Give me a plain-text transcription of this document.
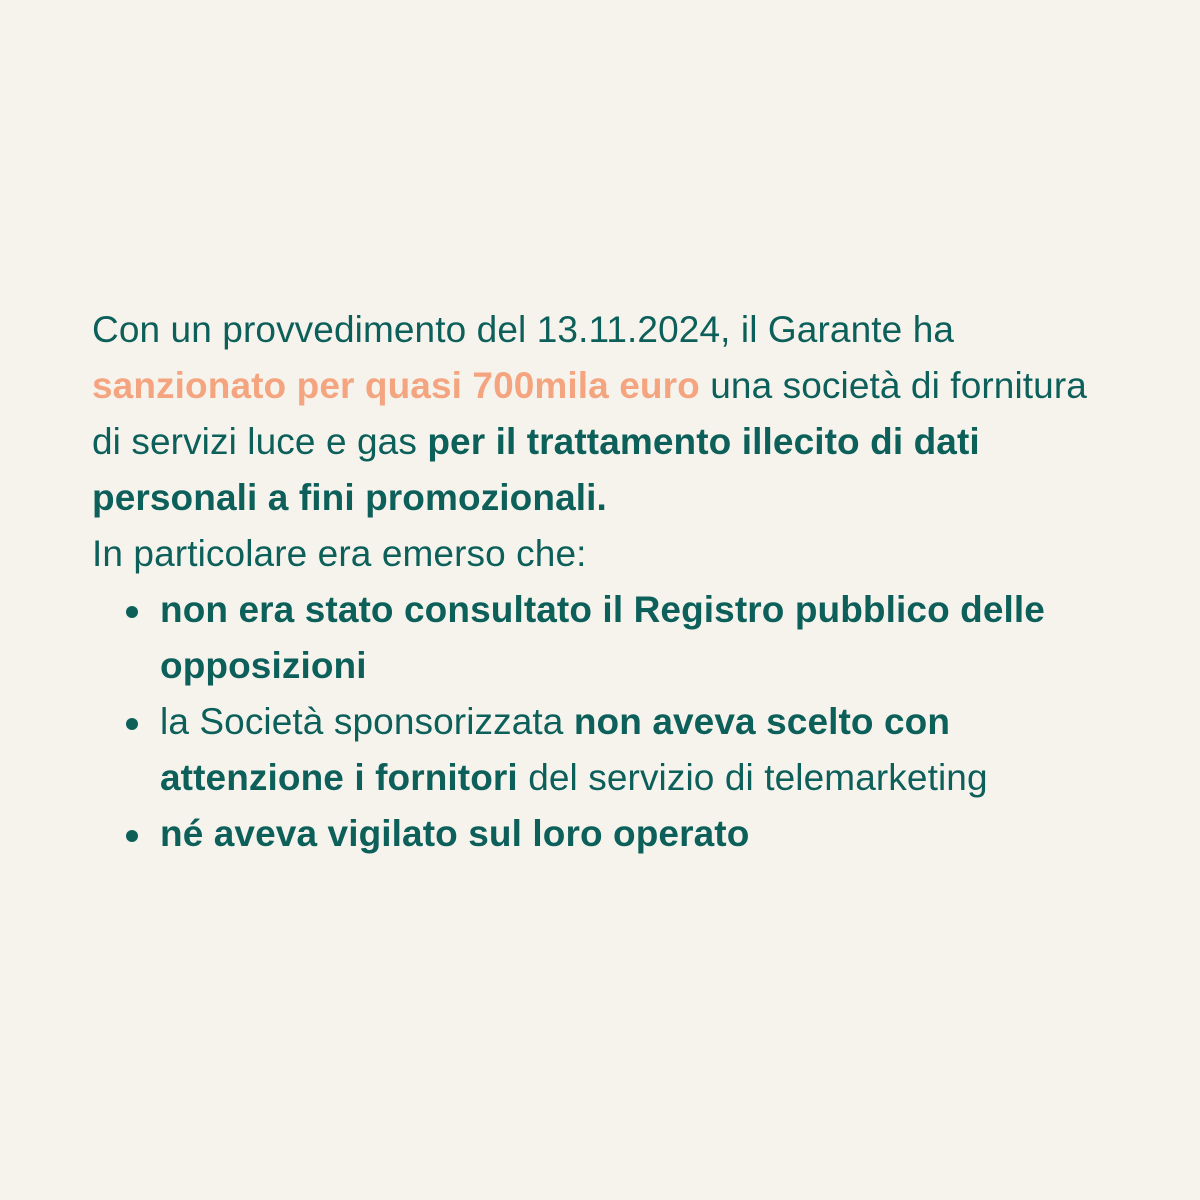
Con un provvedimento del 13.11.2024, il Garante ha sanzionato per quasi 700mila euro una società di fornitura di servizi luce e gas per il trattamento illecito di dati personali a fini promozionali.

In particolare era emerso che:

non era stato consultato il Registro pubblico delle opposizioni
la Società sponsorizzata non aveva scelto con attenzione i fornitori del servizio di telemarketing
né aveva vigilato sul loro operato
